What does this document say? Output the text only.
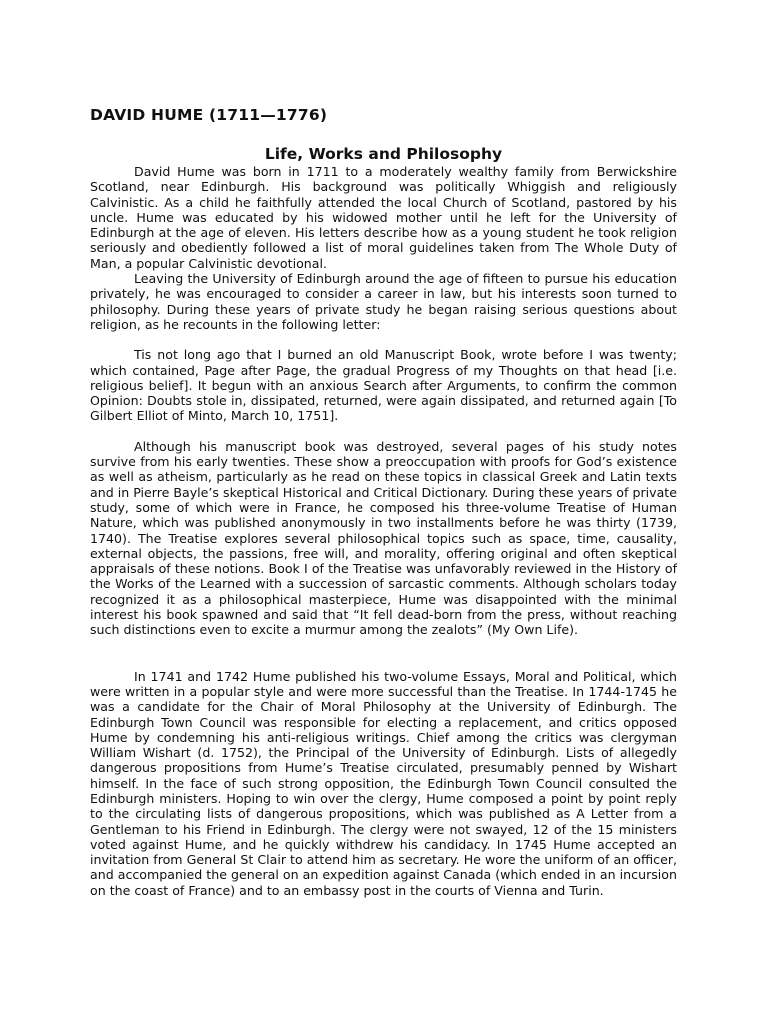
DAVID HUME (1711—1776)
Life, Works and Philosophy

David Hume was born in 1711 to a moderately wealthy family from Berwickshire Scotland, near Edinburgh. His background was politically Whiggish and religiously Calvinistic. As a child he faithfully attended the local Church of Scotland, pastored by his uncle. Hume was educated by his widowed mother until he left for the University of Edinburgh at the age of eleven. His letters describe how as a young student he took religion seriously and obediently followed a list of moral guidelines taken from The Whole Duty of Man, a popular Calvinistic devotional.

Leaving the University of Edinburgh around the age of fifteen to pursue his education privately, he was encouraged to consider a career in law, but his interests soon turned to philosophy. During these years of private study he began raising serious questions about religion, as he recounts in the following letter:

Tis not long ago that I burned an old Manuscript Book, wrote before I was twenty; which contained, Page after Page, the gradual Progress of my Thoughts on that head [i.e. religious belief]. It begun with an anxious Search after Arguments, to confirm the common Opinion: Doubts stole in, dissipated, returned, were again dissipated, and returned again [To Gilbert Elliot of Minto, March 10, 1751].

Although his manuscript book was destroyed, several pages of his study notes survive from his early twenties. These show a preoccupation with proofs for God’s existence as well as atheism, particularly as he read on these topics in classical Greek and Latin texts and in Pierre Bayle’s skeptical Historical and Critical Dictionary. During these years of private study, some of which were in France, he composed his three-volume Treatise of Human Nature, which was published anonymously in two installments before he was thirty (1739, 1740). The Treatise explores several philosophical topics such as space, time, causality, external objects, the passions, free will, and morality, offering original and often skeptical appraisals of these notions. Book I of the Treatise was unfavorably reviewed in the History of the Works of the Learned with a succession of sarcastic comments. Although scholars today recognized it as a philosophical masterpiece, Hume was disappointed with the minimal interest his book spawned and said that “It fell dead-born from the press, without reaching such distinctions even to excite a murmur among the zealots” (My Own Life).

In 1741 and 1742 Hume published his two-volume Essays, Moral and Political, which were written in a popular style and were more successful than the Treatise. In 1744-1745 he was a candidate for the Chair of Moral Philosophy at the University of Edinburgh. The Edinburgh Town Council was responsible for electing a replacement, and critics opposed Hume by condemning his anti-religious writings. Chief among the critics was clergyman William Wishart (d. 1752), the Principal of the University of Edinburgh. Lists of allegedly dangerous propositions from Hume’s Treatise circulated, presumably penned by Wishart himself. In the face of such strong opposition, the Edinburgh Town Council consulted the Edinburgh ministers. Hoping to win over the clergy, Hume composed a point by point reply to the circulating lists of dangerous propositions, which was published as A Letter from a Gentleman to his Friend in Edinburgh. The clergy were not swayed, 12 of the 15 ministers voted against Hume, and he quickly withdrew his candidacy. In 1745 Hume accepted an invitation from General St Clair to attend him as secretary. He wore the uniform of an officer, and accompanied the general on an expedition against Canada (which ended in an incursion on the coast of France) and to an embassy post in the courts of Vienna and Turin.
